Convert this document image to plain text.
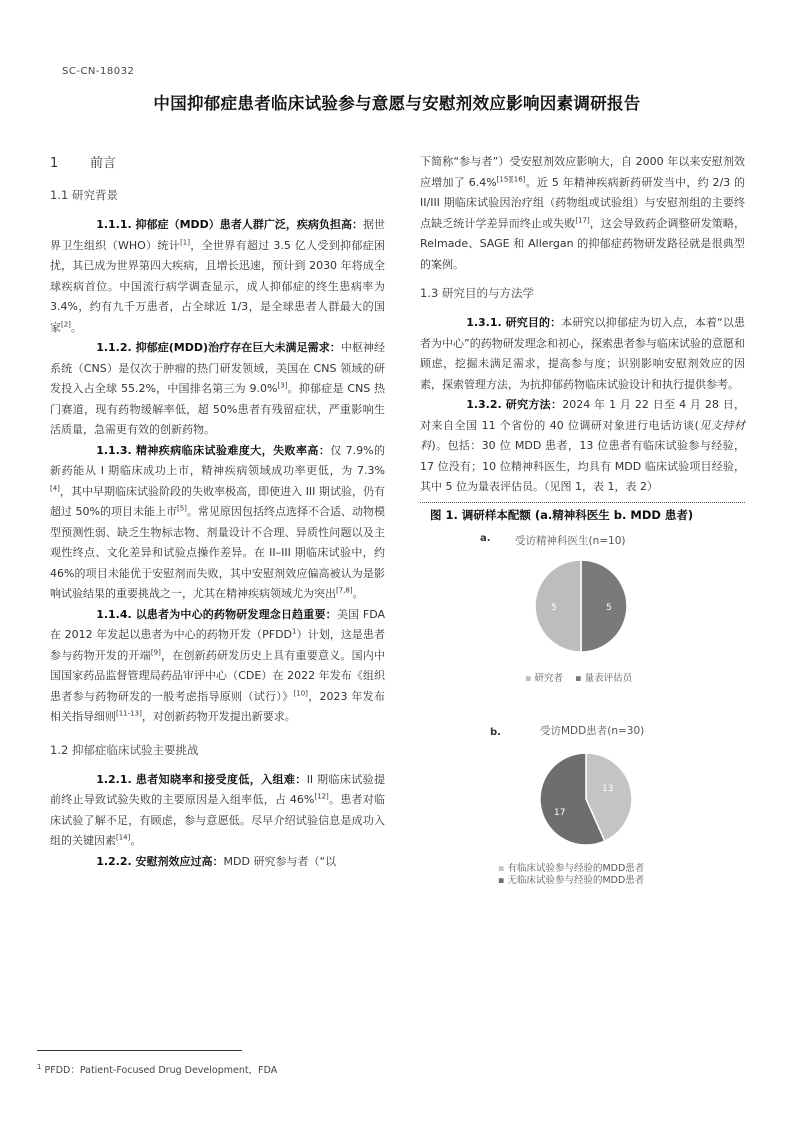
SC-CN-18032
中国抑郁症患者临床试验参与意愿与安慰剂效应影响因素调研报告
1 前言
1.1 研究背景

1.1.1. 抑郁症（MDD）患者人群广泛，疾病负担高：据世界卫生组织（WHO）统计[1]，全世界有超过 3.5 亿人受到抑郁症困扰，其已成为世界第四大疾病，且增长迅速，预计到 2030 年将成全球疾病首位。中国流行病学调查显示，成人抑郁症的终生患病率为 3.4%，约有九千万患者，占全球近 1/3，是全球患者人群最大的国家[2]。

1.1.2. 抑郁症(MDD)治疗存在巨大未满足需求：中枢神经系统（CNS）是仅次于肿瘤的热门研发领域，美国在 CNS 领域的研发投入占全球 55.2%，中国排名第三为 9.0%[3]。抑郁症是 CNS 热门赛道，现有药物缓解率低，超 50%患者有残留症状，严重影响生活质量，急需更有效的创新药物。

1.1.3. 精神疾病临床试验难度大，失败率高：仅 7.9%的新药能从 I 期临床成功上市，精神疾病领域成功率更低，为 7.3%[4]，其中早期临床试验阶段的失败率极高，即使进入 III 期试验，仍有超过 50%的项目未能上市[5]。常见原因包括终点选择不合适、动物模型预测性弱、缺乏生物标志物、剂量设计不合理、异质性问题以及主观性终点、文化差异和试验点操作差异。在 II–III 期临床试验中，约 46%的项目未能优于安慰剂而失败，其中安慰剂效应偏高被认为是影响试验结果的重要挑战之一，尤其在精神疾病领域尤为突出[7,8]。

1.1.4. 以患者为中心的药物研发理念日趋重要：美国 FDA 在 2012 年发起以患者为中心的药物开发（PFDD$^1$）计划，这是患者参与药物开发的开端[9]，在创新药研发历史上具有重要意义。国内中国国家药品监督管理局药品审评中心（CDE）在 2022 年发布《组织患者参与药物研发的一般考虑指导原则（试行）》[10]，2023 年发布相关指导细则[11-13]，对创新药物开发提出新要求。

1.2 抑郁症临床试验主要挑战

1.2.1. 患者知晓率和接受度低，入组难：II 期临床试验提前终止导致试验失败的主要原因是入组率低，占 46%[12]。患者对临床试验了解不足，有顾虑，参与意愿低。尽早介绍试验信息是成功入组的关键因素[14]。

1.2.2. 安慰剂效应过高：MDD 研究参与者（“以

下简称“参与者”）受安慰剂效应影响大，自 2000 年以来安慰剂效应增加了 6.4%[15][16]。近 5 年精神疾病新药研发当中，约 2/3 的 II/III 期临床试验因治疗组（药物组或试验组）与安慰剂组的主要终点缺乏统计学差异而终止或失败[17]，这会导致药企调整研发策略，Relmade、SAGE 和 Allergan 的抑郁症药物研发路径就是很典型的案例。

1.3 研究目的与方法学

1.3.1. 研究目的：本研究以抑郁症为切入点，本着“以患者为中心”的药物研发理念和初心，探索患者参与临床试验的意愿和顾虑，挖掘未满足需求，提高参与度；识别影响安慰剂效应的因素，探索管理方法，为抗抑郁药物临床试验设计和执行提供参考。

1.3.2. 研究方法：2024 年 1 月 22 日至 4 月 28 日，对来自全国 11 个省份的 40 位调研对象进行电话访谈(见支持材料)。包括：30 位 MDD 患者，13 位患者有临床试验参与经验，17 位没有；10 位精神科医生，均具有 MDD 临床试验项目经验，其中 5 位为量表评估员。（见图 1，表 1，表 2）

图 1. 调研样本配额 (a.精神科医生 b. MDD 患者)
a. 受访精神科医生(n=10)
5	5
▪ 研究者 ▪ 量表评估员
b.	受访MDD患者(n=30)
13
17
▪ 有临床试验参与经验的MDD患者
▪ 无临床试验参与经验的MDD患者
$^1$ PFDD：Patient-Focused Drug Development，FDA
